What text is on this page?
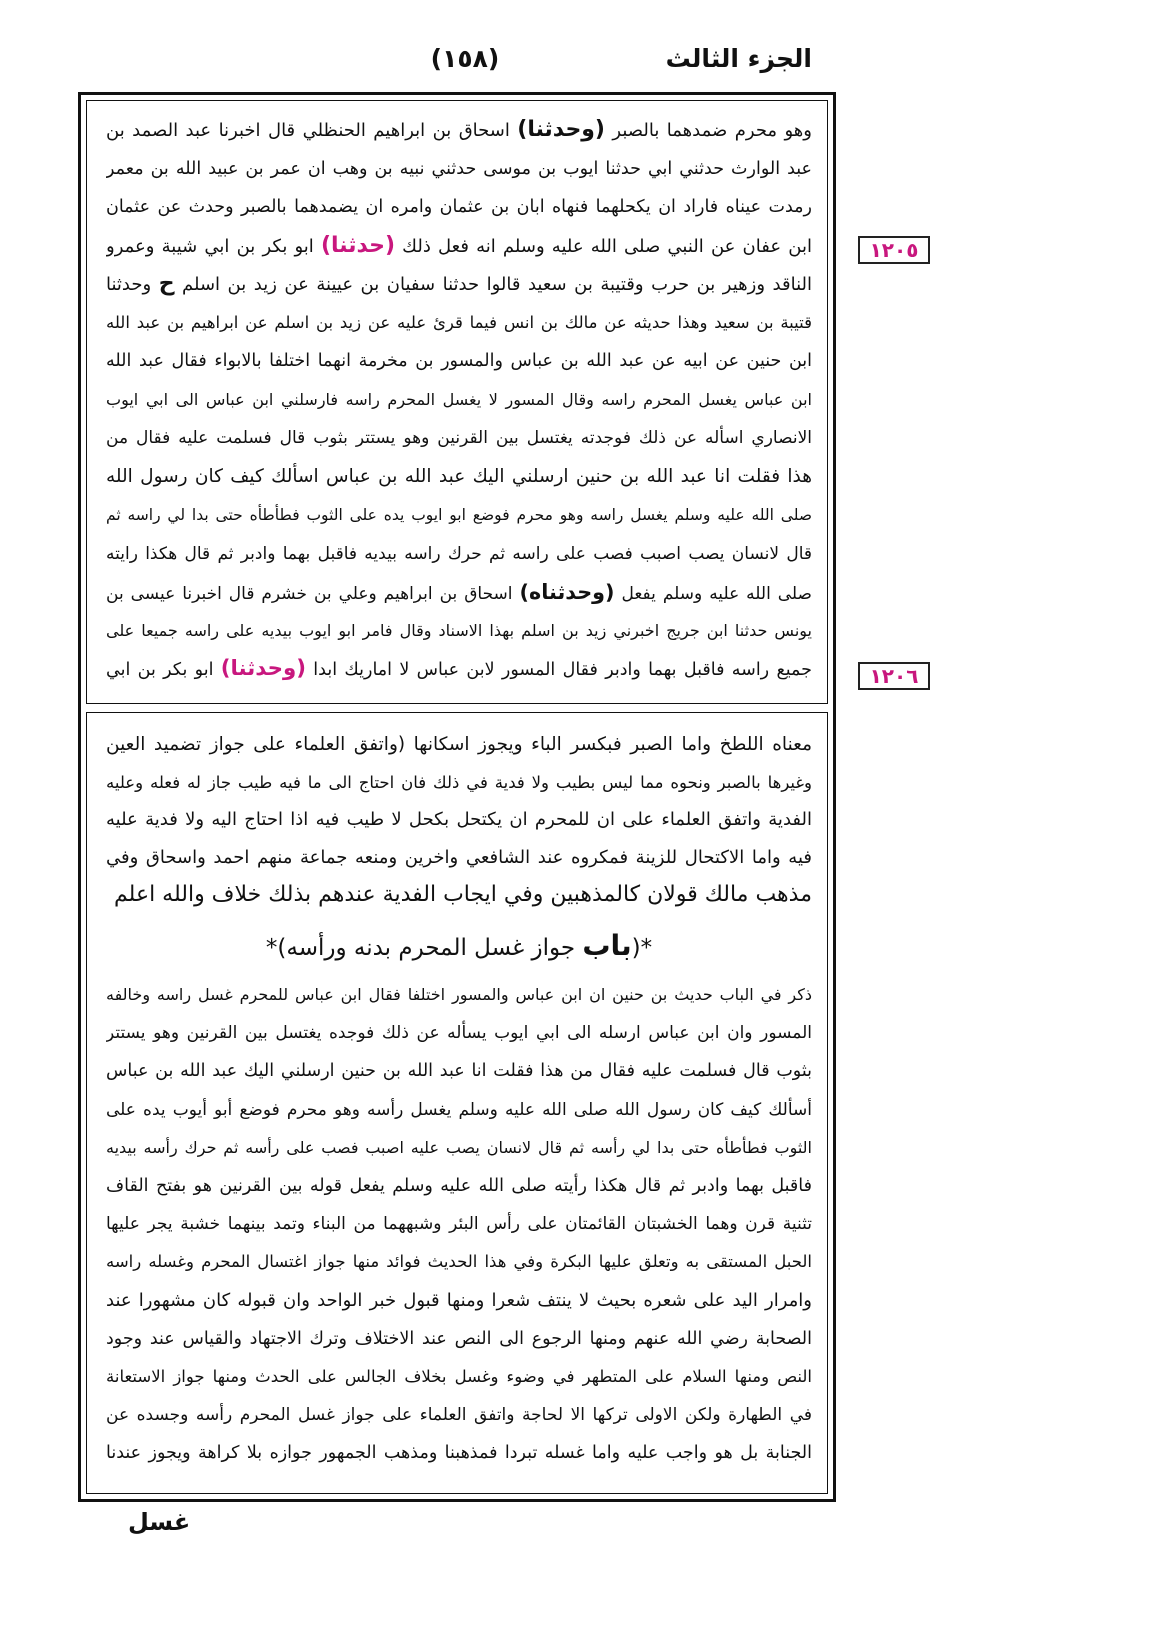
الجزء الثالث
(١٥٨)
وهو محرم ضمدهما بالصبر (وحدثنا) اسحاق بن ابراهيم الحنظلي قال اخبرنا عبد الصمد بن
عبد الوارث حدثني ابي حدثنا ايوب بن موسى حدثني نبيه بن وهب ان عمر بن عبيد الله بن معمر
رمدت عيناه فاراد ان يكحلهما فنهاه ابان بن عثمان وامره ان يضمدهما بالصبر وحدث عن عثمان
ابن عفان عن النبي صلى الله عليه وسلم انه فعل ذلك (حدثنا) ابو بكر بن ابي شيبة وعمرو
الناقد وزهير بن حرب وقتيبة بن سعيد قالوا حدثنا سفيان بن عيينة عن زيد بن اسلم ح وحدثنا
قتيبة بن سعيد وهذا حديثه عن مالك بن انس فيما قرئ عليه عن زيد بن اسلم عن ابراهيم بن عبد الله
ابن حنين عن ابيه عن عبد الله بن عباس والمسور بن مخرمة انهما اختلفا بالابواء فقال عبد الله
ابن عباس يغسل المحرم راسه وقال المسور لا يغسل المحرم راسه فارسلني ابن عباس الى ابي ايوب
الانصاري اسأله عن ذلك فوجدته يغتسل بين القرنين وهو يستتر بثوب قال فسلمت عليه فقال من
هذا فقلت انا عبد الله بن حنين ارسلني اليك عبد الله بن عباس اسألك كيف كان رسول الله
صلى الله عليه وسلم يغسل راسه وهو محرم فوضع ابو ايوب يده على الثوب فطأطأه حتى بدا لي راسه ثم
قال لانسان يصب اصبب فصب على راسه ثم حرك راسه بيديه فاقبل بهما وادبر ثم قال هكذا رايته
صلى الله عليه وسلم يفعل (وحدثناه) اسحاق بن ابراهيم وعلي بن خشرم قال اخبرنا عيسى بن
يونس حدثنا ابن جريج اخبرني زيد بن اسلم بهذا الاسناد وقال فامر ابو ايوب بيديه على راسه جميعا على
جميع راسه فاقبل بهما وادبر فقال المسور لابن عباس لا اماريك ابدا (وحدثنا) ابو بكر بن ابي
معناه اللطخ واما الصبر فبكسر الباء ويجوز اسكانها (واتفق العلماء على جواز تضميد العين
وغيرها بالصبر ونحوه مما ليس بطيب ولا فدية في ذلك فان احتاج الى ما فيه طيب جاز له فعله وعليه
الفدية واتفق العلماء على ان للمحرم ان يكتحل بكحل لا طيب فيه اذا احتاج اليه ولا فدية عليه
فيه واما الاكتحال للزينة فمكروه عند الشافعي واخرين ومنعه جماعة منهم احمد واسحاق وفي
مذهب مالك قولان كالمذهبين وفي ايجاب الفدية عندهم بذلك خلاف والله اعلم
*(باب جواز غسل المحرم بدنه ورأسه)*
ذكر في الباب حديث بن حنين ان ابن عباس والمسور اختلفا فقال ابن عباس للمحرم غسل راسه وخالفه
المسور وان ابن عباس ارسله الى ابي ايوب يسأله عن ذلك فوجده يغتسل بين القرنين وهو يستتر
بثوب قال فسلمت عليه فقال من هذا فقلت انا عبد الله بن حنين ارسلني اليك عبد الله بن عباس
أسألك كيف كان رسول الله صلى الله عليه وسلم يغسل رأسه وهو محرم فوضع أبو أيوب يده على
الثوب فطأطأه حتى بدا لي رأسه ثم قال لانسان يصب عليه اصبب فصب على رأسه ثم حرك رأسه بيديه
فاقبل بهما وادبر ثم قال هكذا رأيته صلى الله عليه وسلم يفعل قوله بين القرنين هو بفتح القاف
تثنية قرن وهما الخشبتان القائمتان على رأس البئر وشبههما من البناء وتمد بينهما خشبة يجر عليها
الحبل المستقى به وتعلق عليها البكرة وفي هذا الحديث فوائد منها جواز اغتسال المحرم وغسله راسه
وامرار اليد على شعره بحيث لا ينتف شعرا ومنها قبول خبر الواحد وان قبوله كان مشهورا عند
الصحابة رضي الله عنهم ومنها الرجوع الى النص عند الاختلاف وترك الاجتهاد والقياس عند وجود
النص ومنها السلام على المتطهر في وضوء وغسل بخلاف الجالس على الحدث ومنها جواز الاستعانة
في الطهارة ولكن الاولى تركها الا لحاجة واتفق العلماء على جواز غسل المحرم رأسه وجسده عن
الجنابة بل هو واجب عليه واما غسله تبردا فمذهبنا ومذهب الجمهور جوازه بلا كراهة ويجوز عندنا
١٢٠٥
١٢٠٦
غسل
